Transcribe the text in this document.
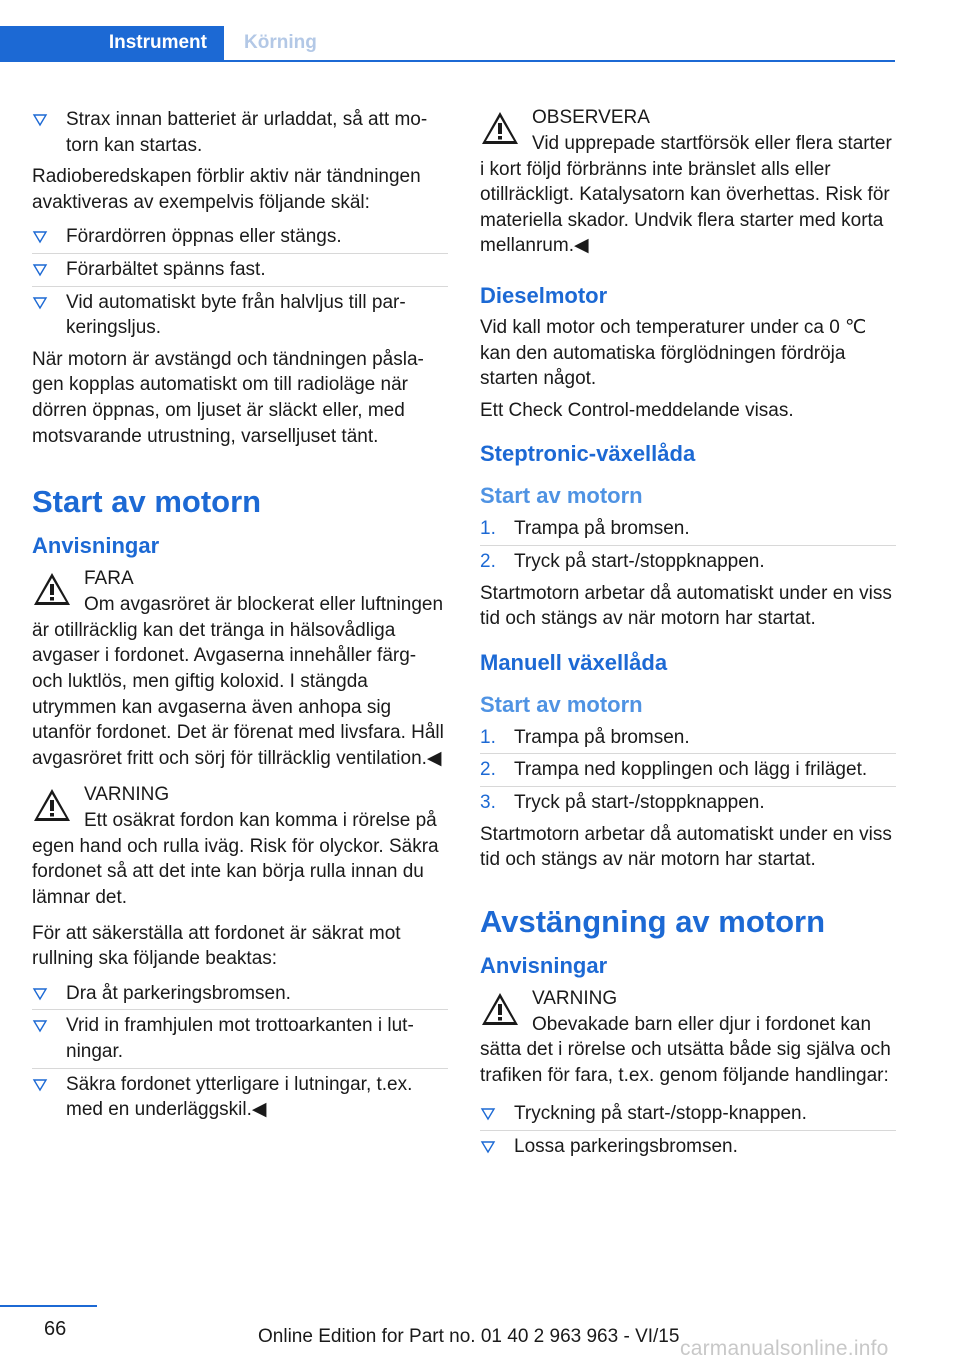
Instrument	Körning
Strax innan batteriet är urladdat, så att motorn kan startas.

Radioberedskapen förblir aktiv när tändningen avaktiveras av exempelvis följande skäl:

Förardörren öppnas eller stängs.
Förarbältet spänns fast.
Vid automatiskt byte från halvljus till parkeringsljus.

När motorn är avstängd och tändningen påslagen kopplas automatiskt om till radioläge när dörren öppnas, om ljuset är släckt eller, med motsvarande utrustning, varselljuset tänt.

Start av motorn
Anvisningar
FARA

Om avgasröret är blockerat eller luftningen är otillräcklig kan det tränga in hälsovådliga avgaser i fordonet. Avgaserna innehåller färg- och luktlös, men giftig koloxid. I stängda utrymmen kan avgaserna även anhopa sig utanför fordonet. Det är förenat med livsfara. Håll avgasröret fritt och sörj för tillräcklig ventilation.◀

VARNING

Ett osäkrat fordon kan komma i rörelse på egen hand och rulla iväg. Risk för olyckor. Säkra fordonet så att det inte kan börja rulla innan du lämnar det.

För att säkerställa att fordonet är säkrat mot rullning ska följande beaktas:

Dra åt parkeringsbromsen.
Vrid in framhjulen mot trottoarkanten i lutningar.
Säkra fordonet ytterligare i lutningar, t.ex. med en underläggskil.◀
OBSERVERA

Vid upprepade startförsök eller flera starter i kort följd förbränns inte bränslet alls eller otillräckligt. Katalysatorn kan överhettas. Risk för materiella skador. Undvik flera starter med korta mellanrum.◀

Dieselmotor

Vid kall motor och temperaturer under ca 0 ℃ kan den automatiska förglödningen fördröja starten något.

Ett Check Control-meddelande visas.

Steptronic-växellåda
Start av motorn
1. Trampa på bromsen.
2. Tryck på start-/stoppknappen.

Startmotorn arbetar då automatiskt under en viss tid och stängs av när motorn har startat.

Manuell växellåda
Start av motorn
1. Trampa på bromsen.
2. Trampa ned kopplingen och lägg i friläget.
3. Tryck på start-/stoppknappen.

Startmotorn arbetar då automatiskt under en viss tid och stängs av när motorn har startat.

Avstängning av motorn
Anvisningar
VARNING

Obevakade barn eller djur i fordonet kan sätta det i rörelse och utsätta både sig själva och trafiken för fara, t.ex. genom följande handlingar:

Tryckning på start-/stopp-knappen.
Lossa parkeringsbromsen.
66	Online Edition for Part no. 01 40 2 963 963 - VI/15
carmanualsonline.info
